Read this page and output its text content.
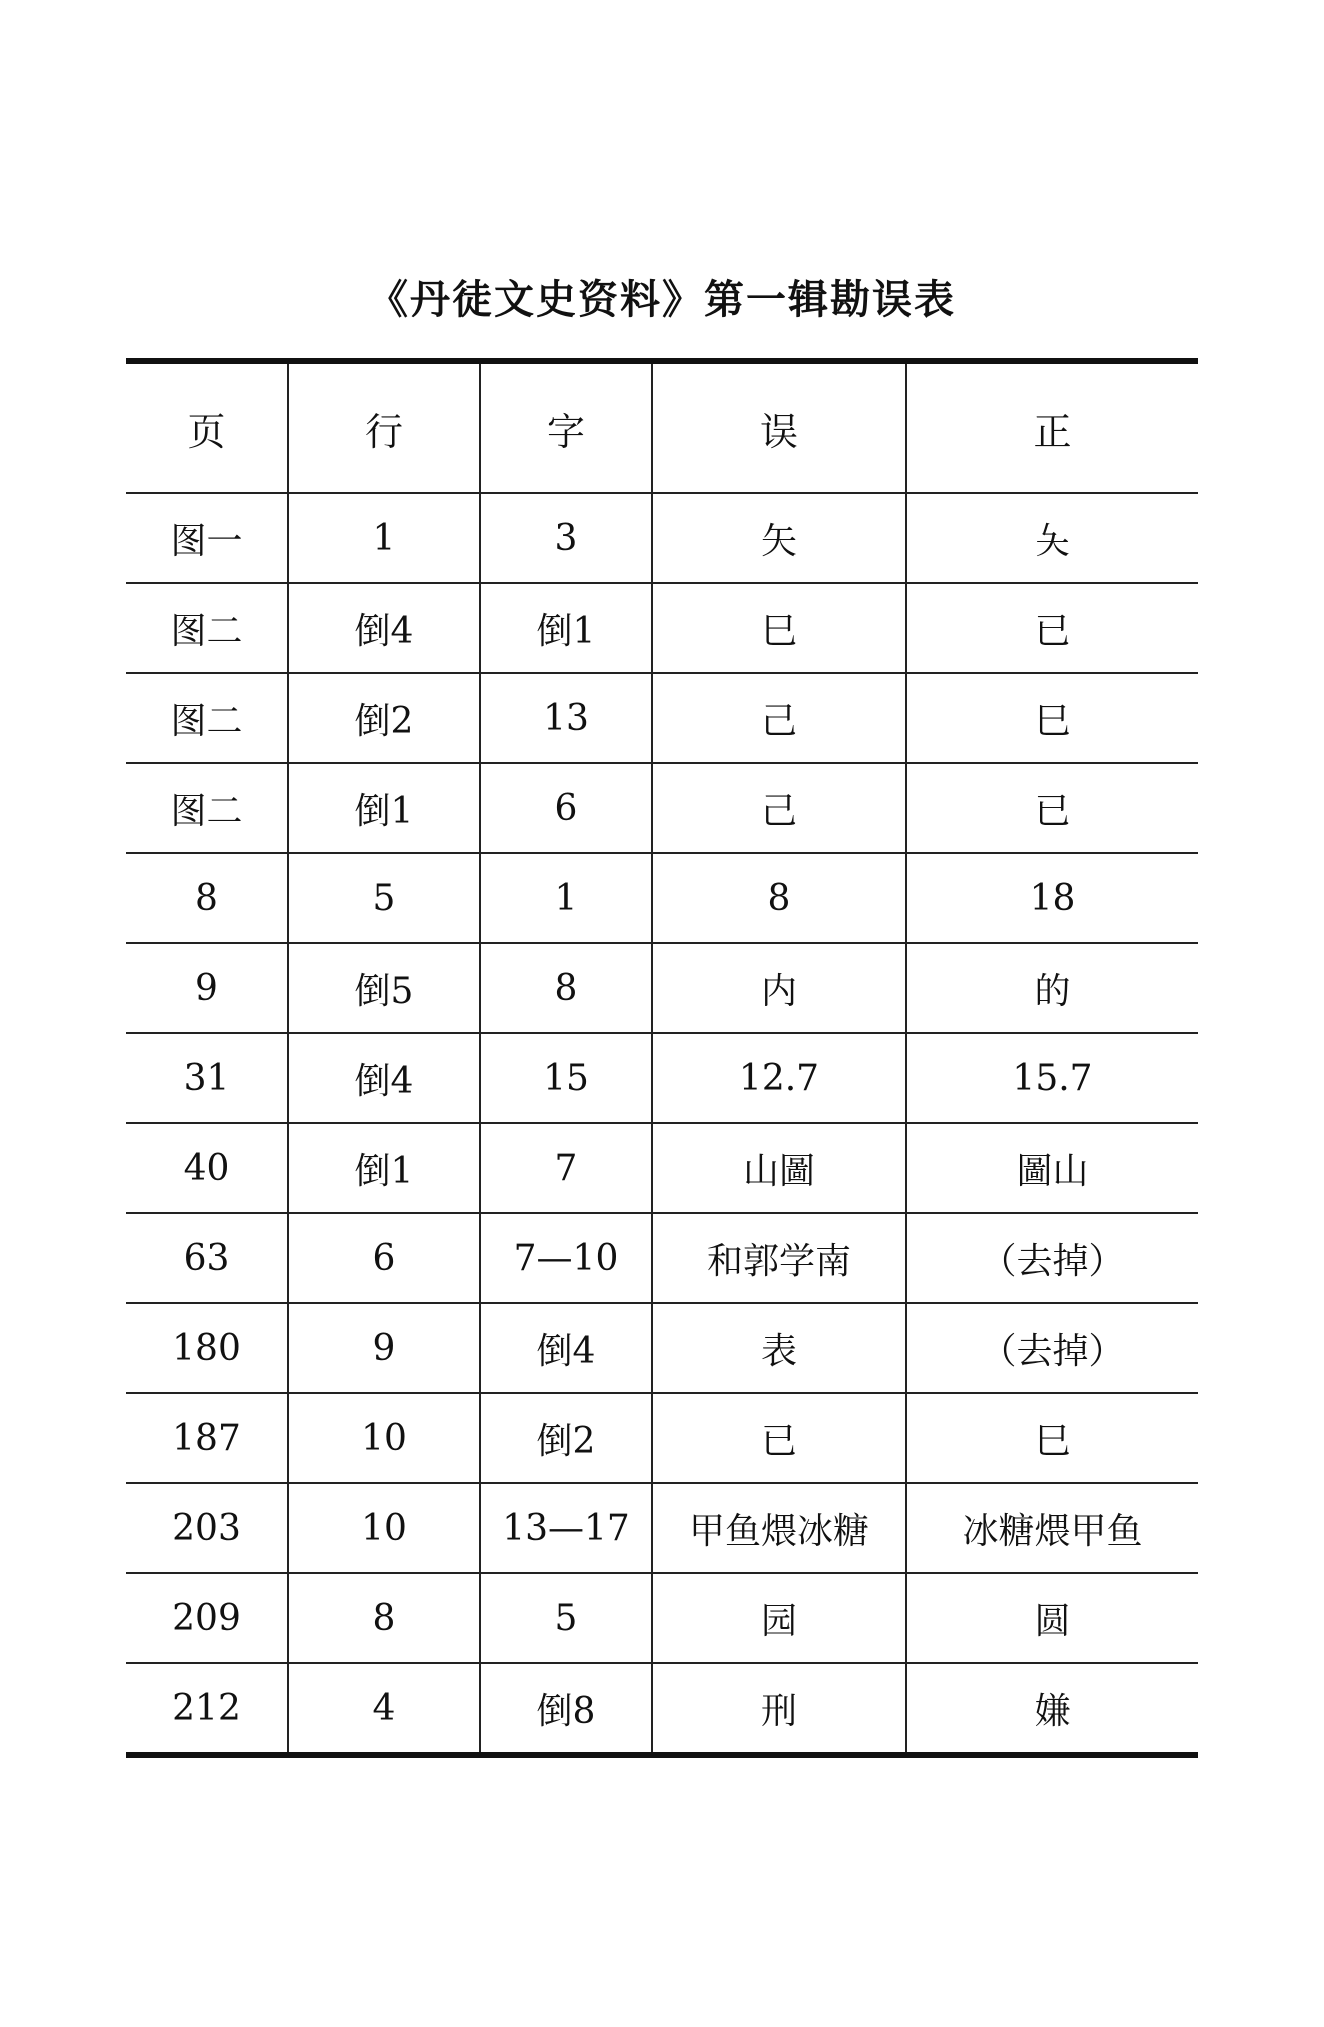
《丹徒文史资料》第一辑勘误表
页	行	字	误	正
图一	1	3	矢	夨
图二	倒4	倒1	巳	已
图二	倒2	13	己	巳
图二	倒1	6	己	已
8	5	1	8	18
9	倒5	8	内	的
31	倒4	15	12.7	15.7
40	倒1	7	山圖	圖山
63	6	7—10	和郭学南	（去掉）
180	9	倒4	表	（去掉）
187	10	倒2	已	巳
203	10	13—17	甲鱼煨冰糖	冰糖煨甲鱼
209	8	5	园	圆
212	4	倒8	刑	嫌
